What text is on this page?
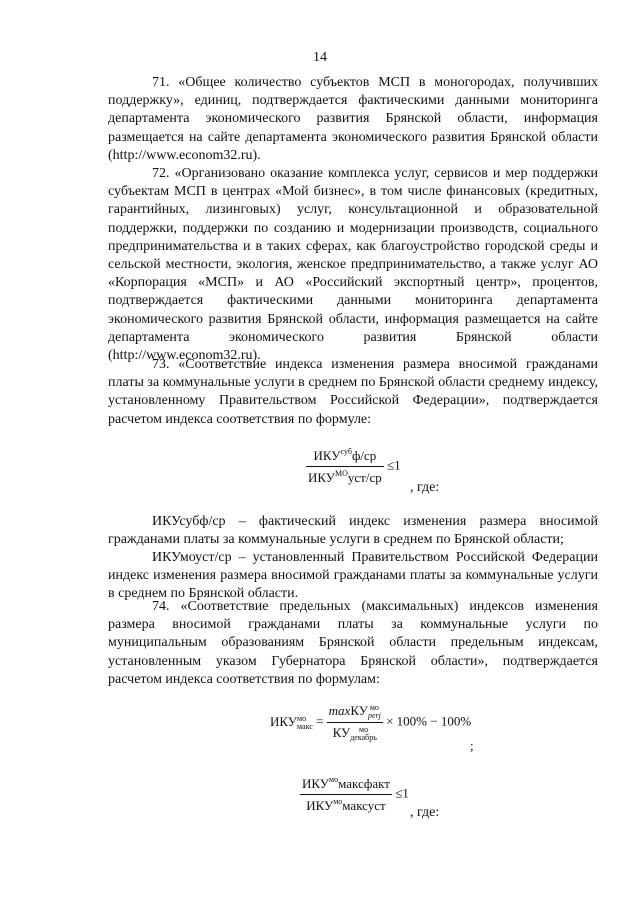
14

71. «Общее количество субъектов МСП в моногородах, получивших поддержку», единиц, подтверждается фактическими данными мониторинга департамента экономического развития Брянской области, информация размещается на сайте департамента экономического развития Брянской области (http://www.econom32.ru).

72. «Организовано оказание комплекса услуг, сервисов и мер поддержки субъектам МСП в центрах «Мой бизнес», в том числе финансовых (кредитных, гарантийных, лизинговых) услуг, консультационной и образовательной поддержки, поддержки по созданию и модернизации производств, социального предпринимательства и в таких сферах, как благоустройство городской среды и сельской местности, экология, женское предпринимательство, а также услуг АО «Корпорация «МСП» и АО «Российский экспортный центр», процентов, подтверждается фактическими данными мониторинга департамента экономического развития Брянской области, информация размещается на сайте департамента экономического развития Брянской области (http://www.econom32.ru).

73. «Соответствие индекса изменения размера вносимой гражданами платы за коммунальные услуги в среднем по Брянской области среднему индексу, установленному Правительством Российской Федерации», подтверждается расчетом индекса соответствия по формуле:

$\frac{ИКУ^{суб}ф/ср}{ИКУ^{МО}уст/ср} \le 1$
, где:

ИКУсубф/ср – фактический индекс изменения размера вносимой гражданами платы за коммунальные услуги в среднем по Брянской области;

ИКУмоуст/ср – установленный Правительством Российской Федерации индекс изменения размера вносимой гражданами платы за коммунальные услуги в среднем по Брянской области.

74. «Соответствие предельных (максимальных) индексов изменения размера вносимой гражданами платы за коммунальные услуги по муниципальным образованиям Брянской области предельным индексам, установленным указом Губернатора Брянской области», подтверждается расчетом индекса соответствия по формулам:

ИКУ мо
макс = maxКУ мо
perj
КУ	мо
декабрь × 100% − 100%
;
$\frac{ИКУ^{мо}максфакт}{ИКУ^{мо}максуст} \le 1$
, где:
